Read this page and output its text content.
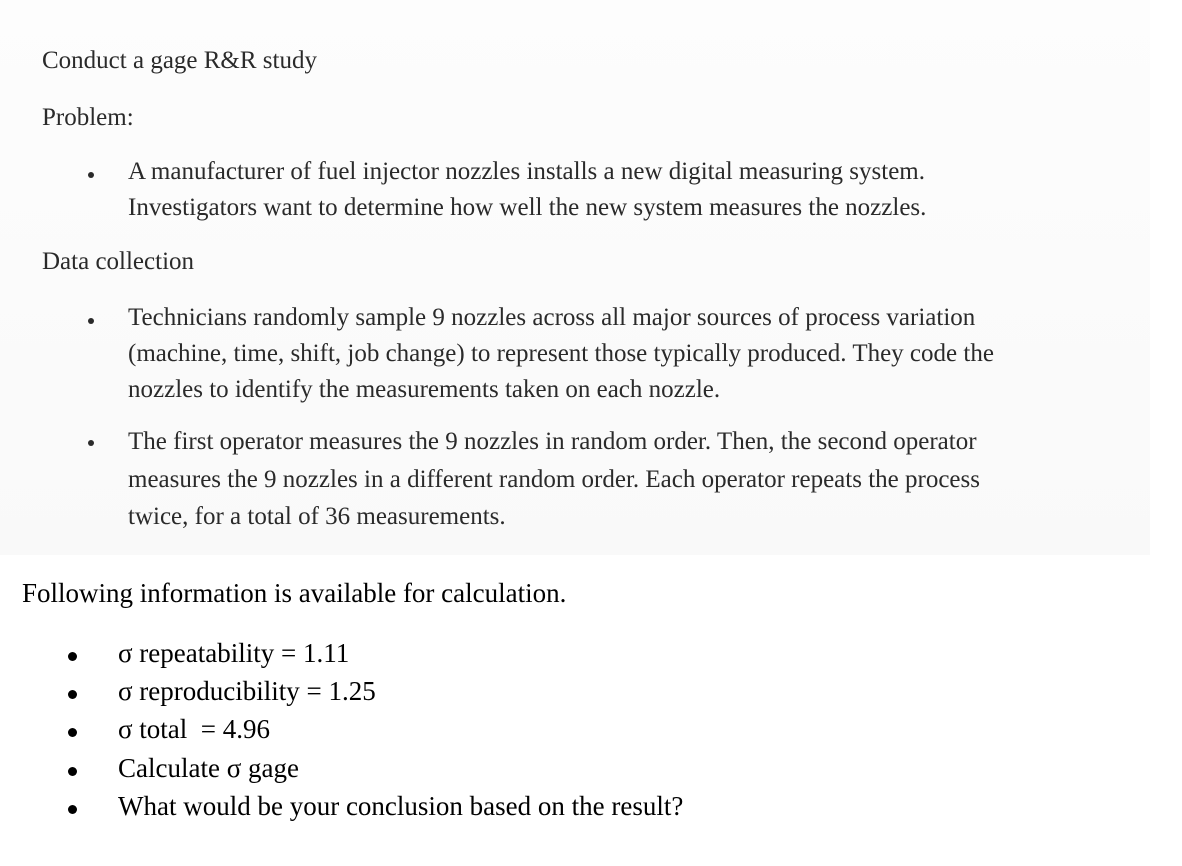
Conduct a gage R&R study
Problem:
A manufacturer of fuel injector nozzles installs a new digital measuring system.
Investigators want to determine how well the new system measures the nozzles.
Data collection
Technicians randomly sample 9 nozzles across all major sources of process variation
(machine, time, shift, job change) to represent those typically produced. They code the
nozzles to identify the measurements taken on each nozzle.
The first operator measures the 9 nozzles in random order. Then, the second operator
measures the 9 nozzles in a different random order. Each operator repeats the process
twice, for a total of 36 measurements.
Following information is available for calculation.
σ repeatability = 1.11
σ reproducibility = 1.25
σ total  = 4.96
Calculate σ gage
What would be your conclusion based on the result?
